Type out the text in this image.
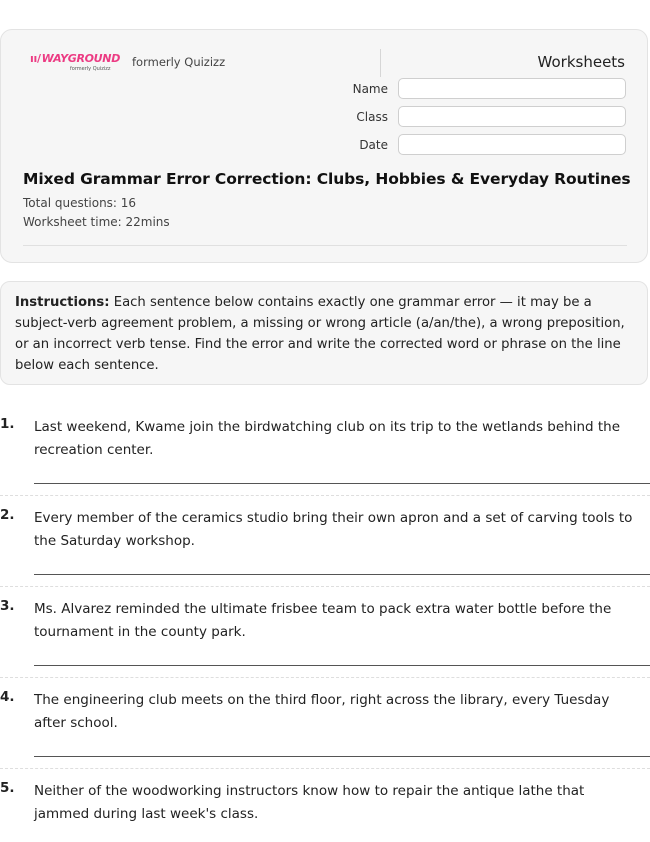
ıı/WAYGROUND
formerly Quizizz formerly Quizizz	Worksheets
Name
Class
Date
Mixed Grammar Error Correction: Clubs, Hobbies & Everyday Routines
Total questions: 16
Worksheet time: 22mins
Instructions: Each sentence below contains exactly one grammar error — it may be a subject-verb agreement problem, a missing or wrong article (a/an/the), a wrong preposition, or an incorrect verb tense. Find the error and write the corrected word or phrase on the line below each sentence.
1. Last weekend, Kwame join the birdwatching club on its trip to the wetlands behind the recreation center.
2. Every member of the ceramics studio bring their own apron and a set of carving tools to the Saturday workshop.
3. Ms. Alvarez reminded the ultimate frisbee team to pack extra water bottle before the tournament in the county park.
4. The engineering club meets on the third floor, right across the library, every Tuesday after school.
5. Neither of the woodworking instructors know how to repair the antique lathe that jammed during last week's class.
